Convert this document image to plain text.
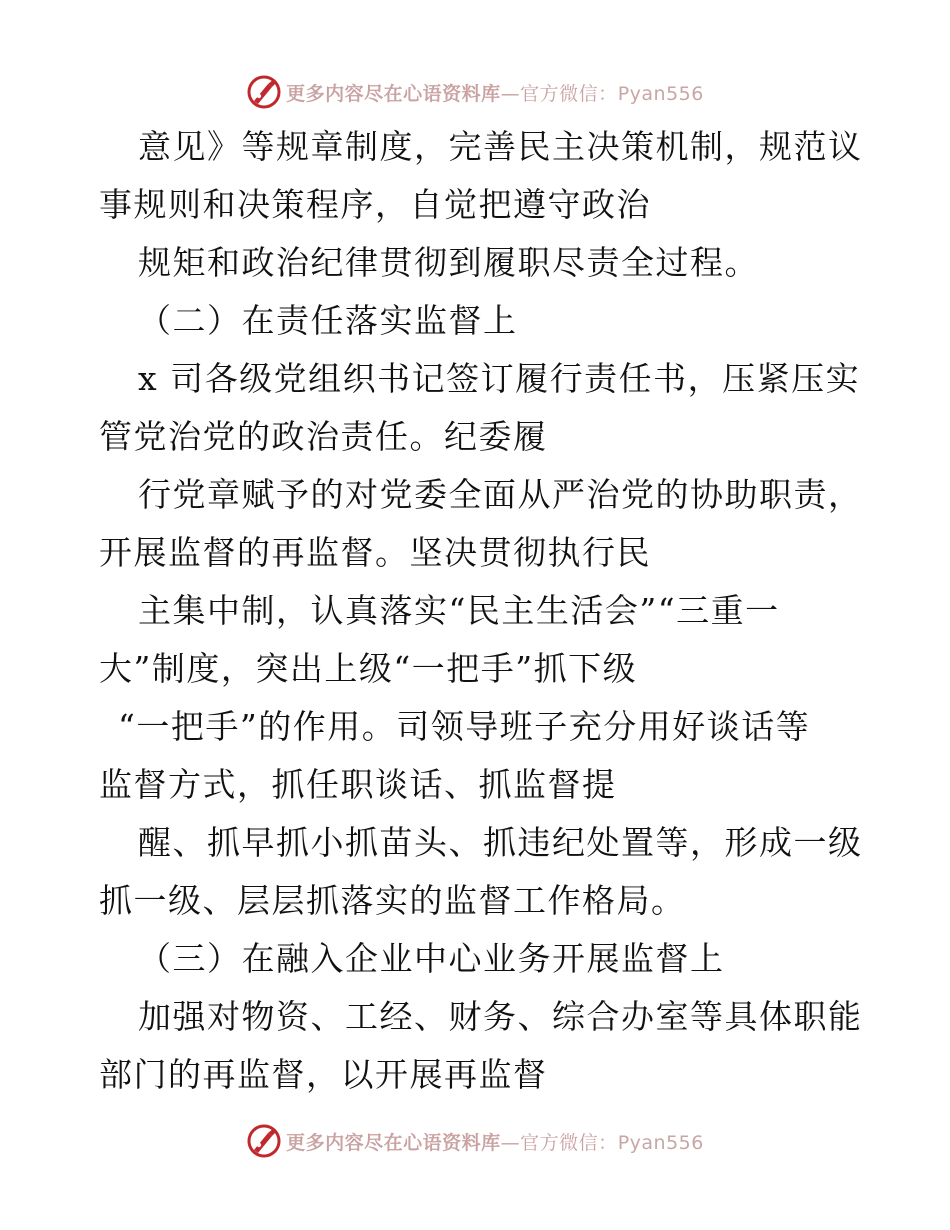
更多内容尽在心语资料库—官方微信：Pyan556
意见》等规章制度，完善民主决策机制，规范议
事规则和决策程序，自觉把遵守政治
规矩和政治纪律贯彻到履职尽责全过程。
（二）在责任落实监督上
x 司各级党组织书记签订履行责任书，压紧压实
管党治党的政治责任。纪委履
行党章赋予的对党委全面从严治党的协助职责，
开展监督的再监督。坚决贯彻执行民
主集中制，认真落实“民主生活会”“三重一
大”制度，突出上级“一把手”抓下级
“一把手”的作用。司领导班子充分用好谈话等
监督方式，抓任职谈话、抓监督提
醒、抓早抓小抓苗头、抓违纪处置等，形成一级
抓一级、层层抓落实的监督工作格局。
（三）在融入企业中心业务开展监督上
加强对物资、工经、财务、综合办室等具体职能
部门的再监督，以开展再监督
更多内容尽在心语资料库—官方微信：Pyan556
